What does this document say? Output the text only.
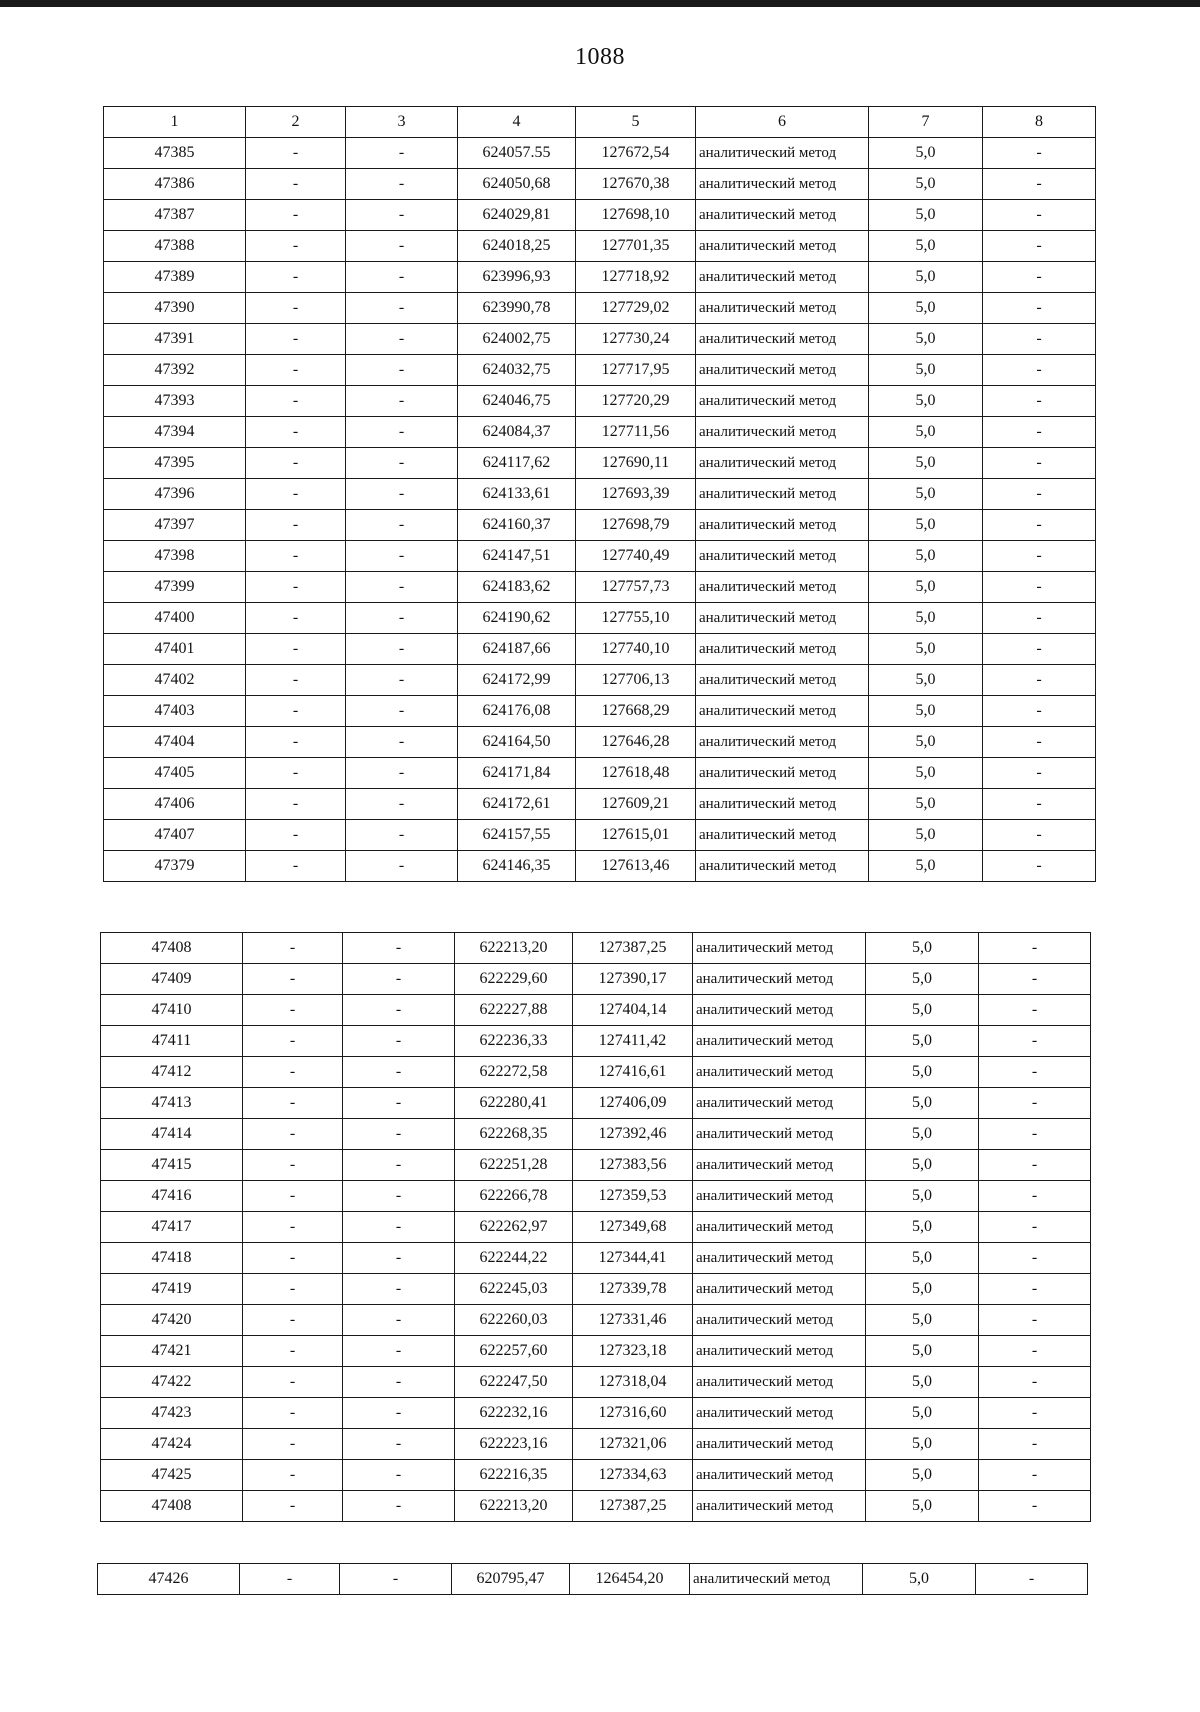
1088
1	2	3	4	5	6	7	8
47385	-	-	624057.55	127672,54	аналитический метод	5,0	-
47386	-	-	624050,68	127670,38	аналитический метод	5,0	-
47387	-	-	624029,81	127698,10	аналитический метод	5,0	-
47388	-	-	624018,25	127701,35	аналитический метод	5,0	-
47389	-	-	623996,93	127718,92	аналитический метод	5,0	-
47390	-	-	623990,78	127729,02	аналитический метод	5,0	-
47391	-	-	624002,75	127730,24	аналитический метод	5,0	-
47392	-	-	624032,75	127717,95	аналитический метод	5,0	-
47393	-	-	624046,75	127720,29	аналитический метод	5,0	-
47394	-	-	624084,37	127711,56	аналитический метод	5,0	-
47395	-	-	624117,62	127690,11	аналитический метод	5,0	-
47396	-	-	624133,61	127693,39	аналитический метод	5,0	-
47397	-	-	624160,37	127698,79	аналитический метод	5,0	-
47398	-	-	624147,51	127740,49	аналитический метод	5,0	-
47399	-	-	624183,62	127757,73	аналитический метод	5,0	-
47400	-	-	624190,62	127755,10	аналитический метод	5,0	-
47401	-	-	624187,66	127740,10	аналитический метод	5,0	-
47402	-	-	624172,99	127706,13	аналитический метод	5,0	-
47403	-	-	624176,08	127668,29	аналитический метод	5,0	-
47404	-	-	624164,50	127646,28	аналитический метод	5,0	-
47405	-	-	624171,84	127618,48	аналитический метод	5,0	-
47406	-	-	624172,61	127609,21	аналитический метод	5,0	-
47407	-	-	624157,55	127615,01	аналитический метод	5,0	-
47379	-	-	624146,35	127613,46	аналитический метод	5,0	-
47408	-	-	622213,20	127387,25	аналитический метод	5,0	-
47409	-	-	622229,60	127390,17	аналитический метод	5,0	-
47410	-	-	622227,88	127404,14	аналитический метод	5,0	-
47411	-	-	622236,33	127411,42	аналитический метод	5,0	-
47412	-	-	622272,58	127416,61	аналитический метод	5,0	-
47413	-	-	622280,41	127406,09	аналитический метод	5,0	-
47414	-	-	622268,35	127392,46	аналитический метод	5,0	-
47415	-	-	622251,28	127383,56	аналитический метод	5,0	-
47416	-	-	622266,78	127359,53	аналитический метод	5,0	-
47417	-	-	622262,97	127349,68	аналитический метод	5,0	-
47418	-	-	622244,22	127344,41	аналитический метод	5,0	-
47419	-	-	622245,03	127339,78	аналитический метод	5,0	-
47420	-	-	622260,03	127331,46	аналитический метод	5,0	-
47421	-	-	622257,60	127323,18	аналитический метод	5,0	-
47422	-	-	622247,50	127318,04	аналитический метод	5,0	-
47423	-	-	622232,16	127316,60	аналитический метод	5,0	-
47424	-	-	622223,16	127321,06	аналитический метод	5,0	-
47425	-	-	622216,35	127334,63	аналитический метод	5,0	-
47408	-	-	622213,20	127387,25	аналитический метод	5,0	-
47426	-	-	620795,47	126454,20	аналитический метод	5,0	-
